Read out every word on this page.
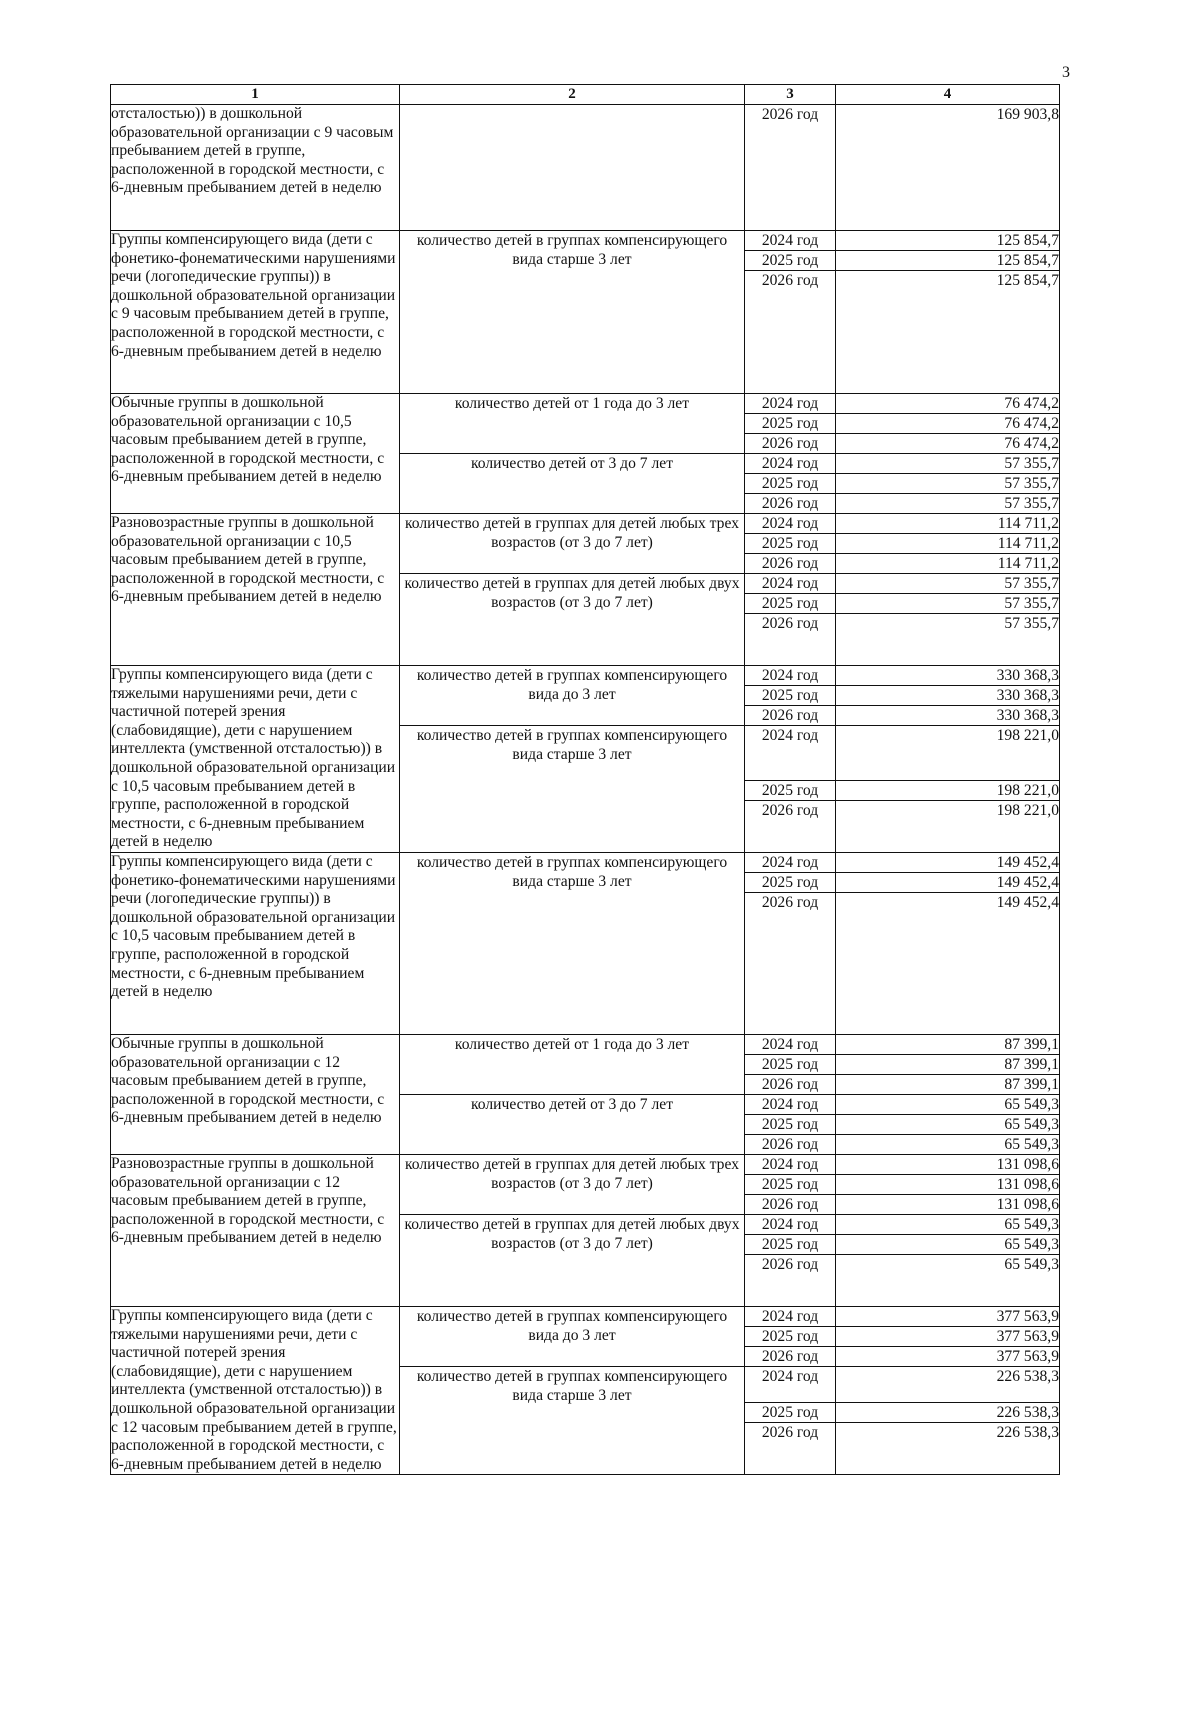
3
1	2	3	4
отсталостью)) в дошкольной образовательной организации с 9 часовым пребыванием детей в группе, расположенной в городской местности, с 6-дневным пребыванием детей в неделю		2026 год	169 903,8
Группы компенсирующего вида (дети с фонетико-фонематическими нарушениями речи (логопедические группы)) в дошкольной образовательной организации с 9 часовым пребыванием детей в группе, расположенной в городской местности, с 6-дневным пребыванием детей в неделю	количество детей в группах компенсирующего вида старше 3 лет	2024 год	125 854,7
		2025 год	125 854,7
		2026 год	125 854,7
Обычные группы в дошкольной образовательной организации с 10,5 часовым пребыванием детей в группе, расположенной в городской местности, с 6-дневным пребыванием детей в неделю	количество детей от 1 года до 3 лет	2024 год	76 474,2
		2025 год	76 474,2
		2026 год	76 474,2
	количество детей от 3 до 7 лет	2024 год	57 355,7
		2025 год	57 355,7
		2026 год	57 355,7
Разновозрастные группы в дошкольной образовательной организации с 10,5 часовым пребыванием детей в группе, расположенной в городской местности, с 6-дневным пребыванием детей в неделю	количество детей в группах для детей любых трех возрастов (от 3 до 7 лет)	2024 год	114 711,2
		2025 год	114 711,2
		2026 год	114 711,2
	количество детей в группах для детей любых двух возрастов (от 3 до 7 лет)	2024 год	57 355,7
		2025 год	57 355,7
		2026 год	57 355,7
Группы компенсирующего вида (дети с тяжелыми нарушениями речи, дети с частичной потерей зрения (слабовидящие), дети с нарушением интеллекта (умственной отсталостью)) в дошкольной образовательной организации с 10,5 часовым пребыванием детей в группе, расположенной в городской местности, с 6-дневным пребыванием детей в неделю	количество детей в группах компенсирующего вида до 3 лет	2024 год	330 368,3
		2025 год	330 368,3
		2026 год	330 368,3
	количество детей в группах компенсирующего вида старше 3 лет	2024 год	198 221,0
		2025 год	198 221,0
		2026 год	198 221,0
Группы компенсирующего вида (дети с фонетико-фонематическими нарушениями речи (логопедические группы)) в дошкольной образовательной организации с 10,5 часовым пребыванием детей в группе, расположенной в городской местности, с 6-дневным пребыванием детей в неделю	количество детей в группах компенсирующего вида старше 3 лет	2024 год	149 452,4
		2025 год	149 452,4
		2026 год	149 452,4
Обычные группы в дошкольной образовательной организации с 12 часовым пребыванием детей в группе, расположенной в городской местности, с 6-дневным пребыванием детей в неделю	количество детей от 1 года до 3 лет	2024 год	87 399,1
		2025 год	87 399,1
		2026 год	87 399,1
	количество детей от 3 до 7 лет	2024 год	65 549,3
		2025 год	65 549,3
		2026 год	65 549,3
Разновозрастные группы в дошкольной образовательной организации с 12 часовым пребыванием детей в группе, расположенной в городской местности, с 6-дневным пребыванием детей в неделю	количество детей в группах для детей любых трех возрастов (от 3 до 7 лет)	2024 год	131 098,6
		2025 год	131 098,6
		2026 год	131 098,6
	количество детей в группах для детей любых двух возрастов (от 3 до 7 лет)	2024 год	65 549,3
		2025 год	65 549,3
		2026 год	65 549,3
Группы компенсирующего вида (дети с тяжелыми нарушениями речи, дети с частичной потерей зрения (слабовидящие), дети с нарушением интеллекта (умственной отсталостью)) в дошкольной образовательной организации с 12 часовым пребыванием детей в группе, расположенной в городской местности, с 6-дневным пребыванием детей в неделю	количество детей в группах компенсирующего вида до 3 лет	2024 год	377 563,9
		2025 год	377 563,9
		2026 год	377 563,9
	количество детей в группах компенсирующего вида старше 3 лет	2024 год	226 538,3
		2025 год	226 538,3
		2026 год	226 538,3
